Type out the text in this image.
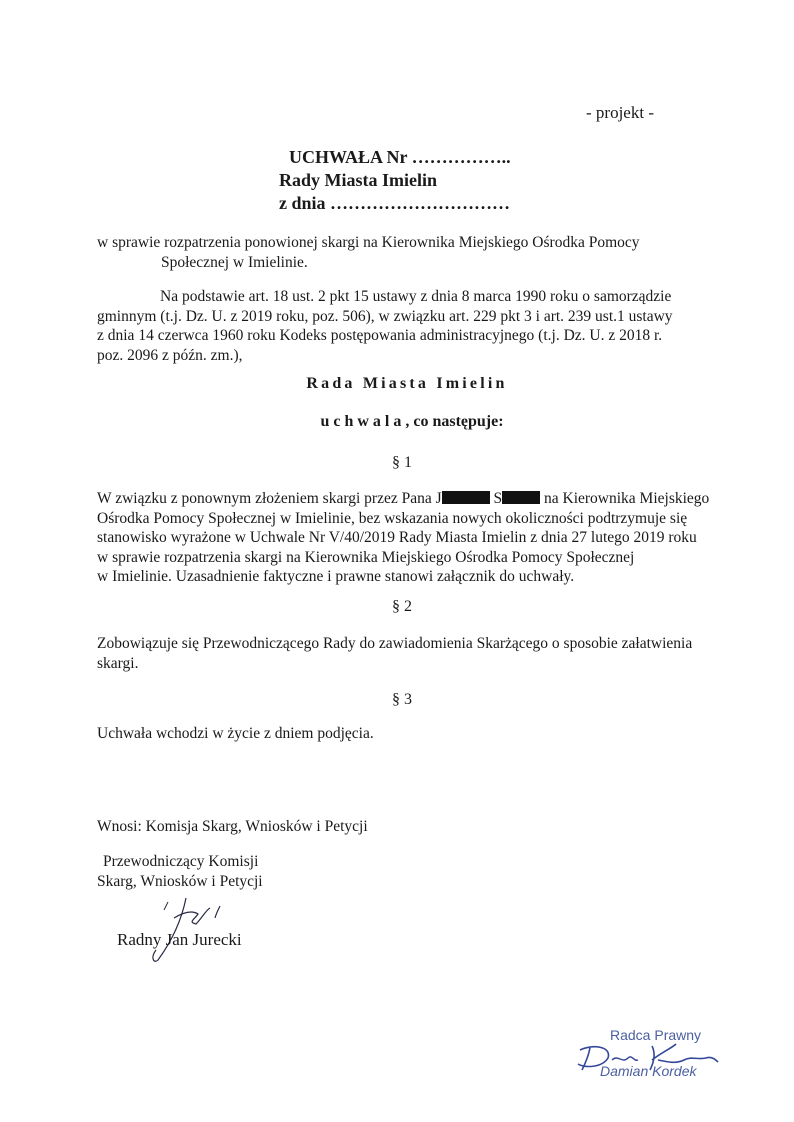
- projekt -
UCHWAŁA Nr ……………..
Rady Miasta Imielin
z dnia …………………………
w sprawie rozpatrzenia ponowionej skargi na Kierownika Miejskiego Ośrodka Pomocy
Społecznej w Imielinie.
Na podstawie art. 18 ust. 2 pkt 15 ustawy z dnia 8 marca 1990 roku o samorządzie
gminnym (t.j. Dz. U. z 2019 roku, poz. 506), w związku art. 229 pkt 3 i art. 239 ust.1 ustawy
z dnia 14 czerwca 1960 roku Kodeks postępowania administracyjnego (t.j. Dz. U. z 2018 r.
poz. 2096 z późn. zm.),
Rada Miasta Imielin
uchwala, co następuje:
§ 1
W związku z ponownym złożeniem skargi przez Pana J	S na Kierownika Miejskiego
Ośrodka Pomocy Społecznej w Imielinie, bez wskazania nowych okoliczności podtrzymuje się
stanowisko wyrażone w Uchwale Nr V/40/2019 Rady Miasta Imielin z dnia 27 lutego 2019 roku
w sprawie rozpatrzenia skargi na Kierownika Miejskiego Ośrodka Pomocy Społecznej
w Imielinie. Uzasadnienie faktyczne i prawne stanowi załącznik do uchwały.
§ 2
Zobowiązuje się Przewodniczącego Rady do zawiadomienia Skarżącego o sposobie załatwienia
skargi.
§ 3
Uchwała wchodzi w życie z dniem podjęcia.
Wnosi: Komisja Skarg, Wniosków i Petycji
Przewodniczący Komisji
Skarg, Wniosków i Petycji
Radny Jan Jurecki
Radca Prawny
Damian Kordek
